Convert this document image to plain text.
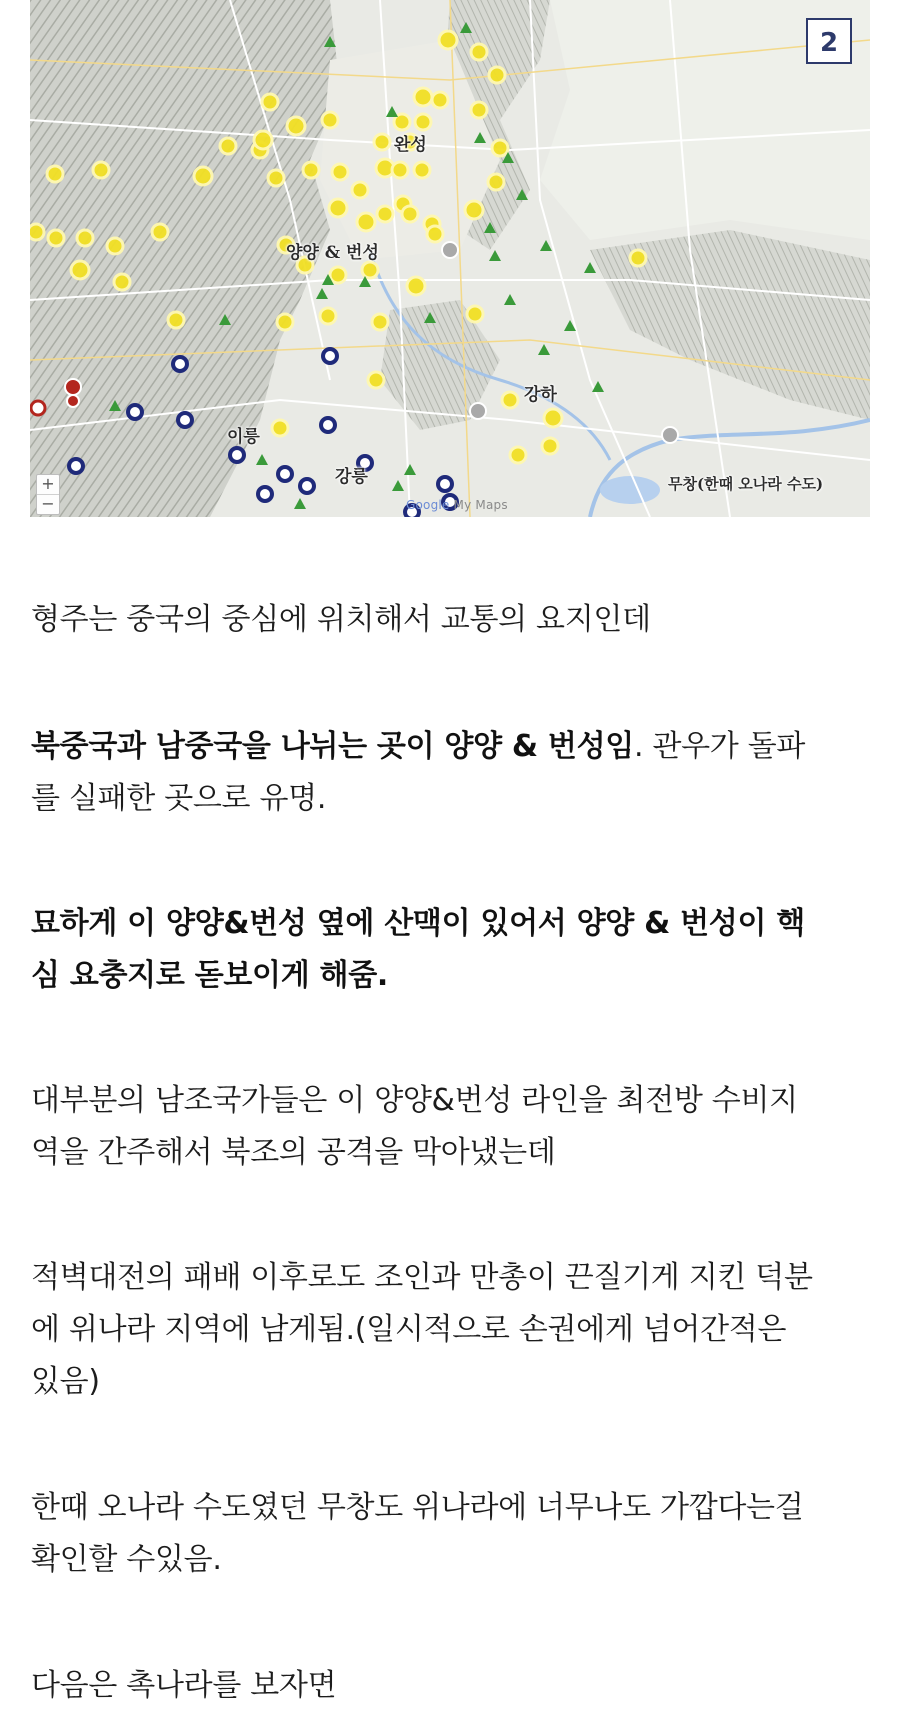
완성
양양 & 번성
이릉
강릉
강하
무창(한때 오나라 수도)
2
+
−	Google My Maps

형주는 중국의 중심에 위치해서 교통의 요지인데

북중국과 남중국을 나뉘는 곳이 양양 & 번성임. 관우가 돌파
를 실패한 곳으로 유명.

묘하게 이 양양&번성 옆에 산맥이 있어서 양양 & 번성이 핵
심 요충지로 돋보이게 해줌.

대부분의 남조국가들은 이 양양&번성 라인을 최전방 수비지
역을 간주해서 북조의 공격을 막아냈는데

적벽대전의 패배 이후로도 조인과 만총이 끈질기게 지킨 덕분
에 위나라 지역에 남게됨.(일시적으로 손권에게 넘어간적은
있음)

한때 오나라 수도였던 무창도 위나라에 너무나도 가깝다는걸
확인할 수있음.

다음은 촉나라를 보자면
